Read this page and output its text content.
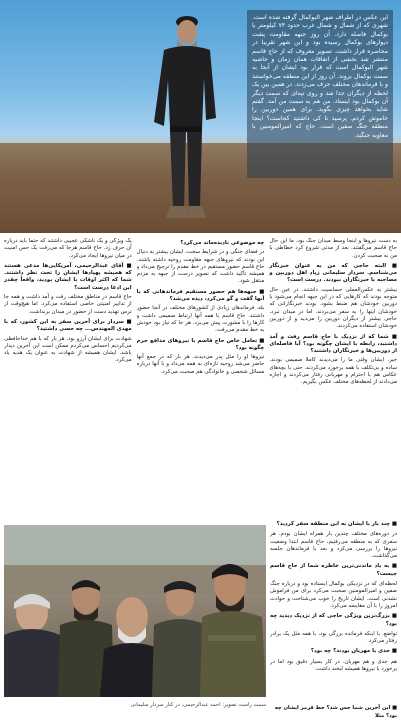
این عکس در اطراف شهر البوکمال گرفته شده است. شهری که از شمال و شمال غرب حدود ۷۳ کیلومتر با بوکمال فاصله دارد. آن روز جبهه مقاومت پشت دیوارهای بوکمال رسیده بود و این شهر تقریبا در محاصره قرار داشت. تصویر معروف که از حاج قاسم منتشر شد بخشی از اتفاقات همان زمان و حاشیه شهر البوکمال است که قرار بود ایشان از آنجا به سمت بوکمال بروند. آن روز از این منطقه می‌خواستند و با فرماندهان مختلف حرف می‌زدند. در همین بین یک لحظه از دیگران جدا شد و روی تپه‌ای که سمت دیگر آن بوکمال بود ایستاد. من هم به سمت من آمد. گفتم شاید بخواهد چیزی بگوید. برای همین دوربین را خاموش کردم. پرسید تا کی داشتید کجاست؟ اینجا منطقه جنگ صفین است. حاج که امیرالمومنین با معاویه جنگید.

به دست نیروها و اینجا وسط میدان جنگ بود. ما این حال حاج قاسم می‌گفتند. بعد از مدتی شروع کرد خطاطی با من به صحبت کردن.

■ البته حاجی که من به عنوان خبرنگار می‌شناسم. سردار سلیمانی زیاد اهل دوربین و مصاحبه با خبرنگاران نبودند. درست است؟

بیشتر به عکس‌العملی حساسیت داشتند. در عین حال متوجه بودند که کارهایی که در این جبهه انجام می‌شود با دوربین خودشان هم ضبط بشود. بودند خبرنگارانی که خودشان اینها را به سفر می‌بردند. اما در میدان نبرد، حاجی بیشتر از دیگران دوربین را می‌دید و از دوربین خودشان استفاده می‌کردند.

■ شما که از نزدیک با حاج قاسم رفت و آمد داشتید، رابطه با ایشان چگونه بود؟ آیا فاصله‌ای از دوربین‌ها و خبرنگاران داشتند؟

خیر. ایشان وقتی ما را می‌دیدند کاملا صمیمی بودند. ساده و بی‌تکلف با همه برخورد می‌کردند. حتی با بچه‌های عکاس هم با احترام و مهربانی رفتار می‌کردند و اجازه می‌دادند از لحظه‌های مختلف عکس بگیریم.

چه موضوعی نادیده‌ماند می‌کرد؟

در فضای جنگی و در شرایط سخت، ایشان بیشتر به دنبال این بودند که نیروهای جبهه مقاومت روحیه داشته باشند. حاج قاسم حضور مستقیم در خط مقدم را ترجیح می‌داد و همیشه تأکید داشت که تصویر درست از جبهه به مردم منتقل شود.

■ جبهه‌ها هم حضور مستقیم فرماندهانی که با آنها گفت و گو می‌کرد، دیده می‌شد؟

بله. فرماندهان زیادی از کشورهای مختلف در آنجا حضور داشتند. حاج قاسم با همه آنها ارتباط صمیمی داشت و کارها را با مشورت پیش می‌برد. هر جا که نیاز بود خودش به خط مقدم می‌رفت.

■ تعامل خاص حاج قاسم با نیروهای مدافع حرم چگونه بود؟

نیروها او را مثل پدر می‌دیدند. هر بار که در جمع آنها حاضر می‌شد روحیه تازه‌ای به همه می‌داد و با آنها درباره مسائل شخصی و خانوادگی هم صحبت می‌کرد.

یک ویژگی و یک ناشکی عجیبی داشتند که حتماً باید درباره آن حرف زد. حاج قاسم هرجا که می‌رفت یک حس امنیت در میان نیروها ایجاد می‌کرد.

■ آقای عبدالرحیمی، آمریکایی‌ها مدعی هستند که همیشه پهپادها ایشان را تحت نظر داشتند. شما که اکثر اوقات با ایشان بودید، واقعاً چقدر این ادعا درست است؟

حاج قاسم در مناطق مختلف رفت و آمد داشت و همه جا از تدابیر امنیتی خاصی استفاده می‌کرد. اما هیچ‌وقت از ترس تهدید دست از حضور در میدان برنداشت.

■ سردار برای آخرین سفر به این کشور، که با مهدی المهندس... چه حسی داشتید؟

شهادت برای ایشان آرزو بود. هر بار که با هم خداحافظی می‌کردیم احساس می‌کردم ممکن است این آخرین دیدار باشد. ایشان همیشه از شهادت به عنوان یک هدیه یاد می‌کرد.

سمت راست تصویر: احمد عبدالرحیمی، در کنار سردار سلیمانی

■ چند بار با ایشان به این منطقه سفر کردید؟

در دوره‌های مختلف چندین بار همراه ایشان بودم. هر سفری که به منطقه می‌رفتیم، حاج قاسم ابتدا وضعیت نیروها را بررسی می‌کرد و بعد با فرماندهان جلسه می‌گذاشت.

■ به یاد ماندنی‌ترین خاطره شما از حاج قاسم چیست؟

لحظه‌ای که در نزدیکی بوکمال ایستاده بود و درباره جنگ صفین و امیرالمومنین صحبت می‌کرد برای من فراموش نشدنی است. ایشان تاریخ را خوب می‌شناخت و حوادث امروز را با آن مقایسه می‌کرد.

■ بزرگ‌ترین ویژگی حاجی که از نزدیک دیدید چه بود؟

تواضع. با اینکه فرمانده بزرگی بود، با همه مثل یک برادر رفتار می‌کرد.

■ جدی یا مهربان بودند؟ چه بود؟

هم جدی و هم مهربان. در کار بسیار دقیق بود اما در برخورد با نیروها همیشه لبخند داشت.

■ این آخرین شما حس شد؟ خط قرمز ایشان چه بود؟ مثلا
